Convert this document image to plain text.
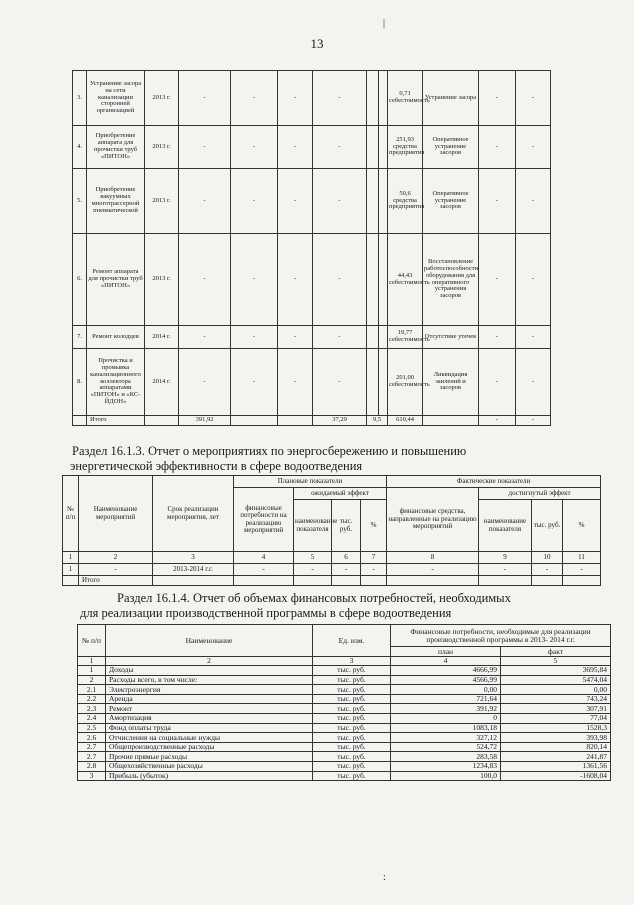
13
|
:
3.	Устранение засора на сети канализации сторонней организацией	2013 г.	-	-	-	-			0,71 себестоимость	Устранение засора	-	-
4.	Приобретение аппарата для прочистки труб «ПИТОН»	2013 г.	-	-	-	-			251,93 средства предприятия	Оперативное устранение засоров	-	-
5.	Приобретение вакуумных многотрассерной пневматической	2013 г.	-	-	-	-			50,6 средства предприятия	Оперативное устранение засоров	-	-
6.	Ремонт аппарата для прочистки труб «ПИТОН»	2013 г.	-	-	-	-			44,43 себестоимость	Восстановление работоспособности оборудования для оперативного устранения засоров	-	-
7.	Ремонт колодцев	2014 г.	-	-	-	-			19,77 себестоимость	Отсутствие утечек	-	-
8.	Прочистка и промывка канализационного коллектора аппаратами «ПИТОН» и «КС-ЙДОН»	2014 г.	-	-	-	-			201,00 себестоимость	Ликвидация заилений и засоров	-	-
	Итого		391,92			37,29	9,5		610,44		-	-
Раздел 16.1.3. Отчет о мероприятиях по энергосбережению и повышению
энергетической эффективности в сфере водоотведения
№ п/п	Наименование мероприятий	Срок реализации мероприятия, лет	Плановые показатели				Фактические показатели			
			финансовые потребности на реализацию мероприятий	ожидаемый эффект			финансовые средства, направленные на реализацию мероприятий	достигнутый эффект		
				наименование показателя	тыс. руб.	%		наименование показателя	тыс. руб.	%
1	2	3	4	5	6	7	8	9	10	11
1	-	2013-2014 г.г.	-	-	-	-	-	-	-	-
	Итого									
Раздел 16.1.4. Отчет об объемах финансовых потребностей, необходимых
для реализации производственной программы в сфере водоотведения
№ п/п	Наименование	Ед. изм.	Финансовые потребности, необходимые для реализации производственной программы в 2013- 2014 г.г.	
			план	факт
1	2	3	4	5
1	Доходы	тыс. руб.	4666,99	3695,84
2	Расходы всего, в том числе:	тыс. руб.	4566,99	5474,04
2.1	Электроэнергия	тыс. руб.	0,00	0,00
2.2	Аренда	тыс. руб.	721,64	743,24
2.3	Ремонт	тыс. руб.	391,92	307,91
2.4	Амортизация	тыс. руб.	0	77,04
2.5	Фонд оплаты труда	тыс. руб.	1083,18	1528,3
2.6	Отчисления на социальные нужды	тыс. руб.	327,12	393,98
2.7	Общепроизводственные расходы	тыс. руб.	524,72	820,14
2.7	Прочие прямые расходы	тыс. руб.	283,58	241,87
2.8	Общехозяйственные расходы	тыс. руб.	1234,83	1361,56
3	Прибыль (убыток)	тыс. руб.	100,0	-1608,04
